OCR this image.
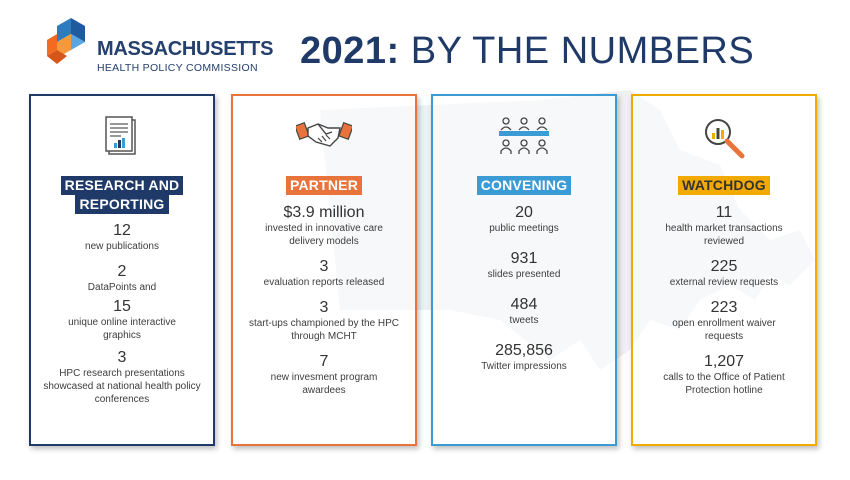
MASSACHUSETTS
HEALTH POLICY COMMISSION 2021: BY THE NUMBERS
RESEARCH AND
REPORTING
12
new publications
2
DataPoints and
15
unique online interactive graphics
3
HPC research presentations showcased at national health policy conferences
PARTNER
$3.9 million
invested in innovative care delivery models
3
evaluation reports released
3
start-ups championed by the HPC through MCHT
7
new invesment program awardees
CONVENING
20
public meetings
931
slides presented
484
tweets
285,856
Twitter impressions
WATCHDOG
11
health market transactions reviewed
225
external review requests
223
open enrollment waiver requests
1,207
calls to the Office of Patient Protection hotline
